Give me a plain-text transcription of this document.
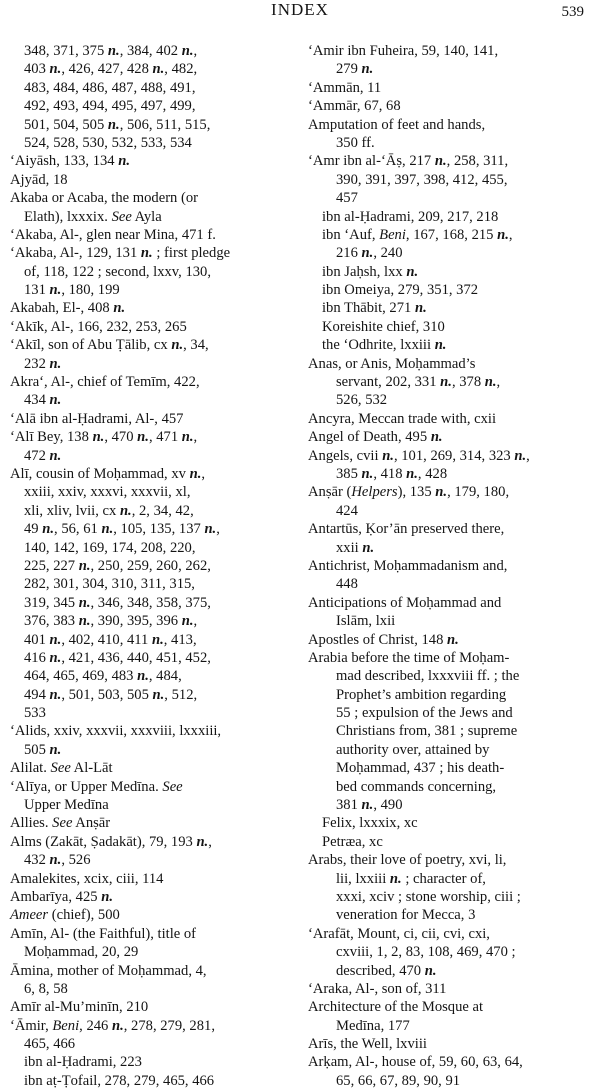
INDEX	539
348, 371, 375 n., 384, 402 n.,
403 n., 426, 427, 428 n., 482,
483, 484, 486, 487, 488, 491,
492, 493, 494, 495, 497, 499,
501, 504, 505 n., 506, 511, 515,
524, 528, 530, 532, 533, 534
‘Aiyāsh, 133, 134 n.
Ajyād, 18
Akaba or Acaba, the modern (or
Elath), lxxxix. See Ayla
‘Akaba, Al-, glen near Mina, 471 f.
‘Akaba, Al-, 129, 131 n. ; first pledge
of, 118, 122 ; second, lxxv, 130,
131 n., 180, 199
Akabah, El-, 408 n.
‘Akīk, Al-, 166, 232, 253, 265
‘Akīl, son of Abu Ṭālib, cx n., 34,
232 n.
Akra‘, Al-, chief of Temīm, 422,
434 n.
‘Alā ibn al-Ḥadrami, Al-, 457
‘Alī Bey, 138 n., 470 n., 471 n.,
472 n.
Alī, cousin of Moḥammad, xv n.,
xxiii, xxiv, xxxvi, xxxvii, xl,
xli, xliv, lvii, cx n., 2, 34, 42,
49 n., 56, 61 n., 105, 135, 137 n.,
140, 142, 169, 174, 208, 220,
225, 227 n., 250, 259, 260, 262,
282, 301, 304, 310, 311, 315,
319, 345 n., 346, 348, 358, 375,
376, 383 n., 390, 395, 396 n.,
401 n., 402, 410, 411 n., 413,
416 n., 421, 436, 440, 451, 452,
464, 465, 469, 483 n., 484,
494 n., 501, 503, 505 n., 512,
533
‘Alids, xxiv, xxxvii, xxxviii, lxxxiii,
505 n.
Alilat. See Al-Lāt
‘Alīya, or Upper Medīna. See
Upper Medīna
Allies. See Anṣār
Alms (Zakāt, Ṣadakāt), 79, 193 n.,
432 n., 526
Amalekites, xcix, ciii, 114
Ambarīya, 425 n.
Ameer (chief), 500
Amīn, Al- (the Faithful), title of
Moḥammad, 20, 29
Āmina, mother of Moḥammad, 4,
6, 8, 58
Amīr al-Mu’minīn, 210
‘Āmir, Beni, 246 n., 278, 279, 281,
465, 466
ibn al-Ḥadrami, 223
ibn aṭ-Ṭofail, 278, 279, 465, 466
‘Amir ibn Fuheira, 59, 140, 141,
279 n.
‘Ammān, 11
‘Ammār, 67, 68
Amputation of feet and hands,
350 ff.
‘Amr ibn al-‘Āṣ, 217 n., 258, 311,
390, 391, 397, 398, 412, 455,
457
ibn al-Ḥadrami, 209, 217, 218
ibn ‘Auf, Beni, 167, 168, 215 n.,
216 n., 240
ibn Jaḥsh, lxx n.
ibn Omeiya, 279, 351, 372
ibn Thābit, 271 n.
Koreishite chief, 310
the ‘Odhrite, lxxiii n.
Anas, or Anis, Moḥammad’s
servant, 202, 331 n., 378 n.,
526, 532
Ancyra, Meccan trade with, cxii
Angel of Death, 495 n.
Angels, cvii n., 101, 269, 314, 323 n.,
385 n., 418 n., 428
Anṣār (Helpers), 135 n., 179, 180,
424
Antartūs, Ḳor’ān preserved there,
xxii n.
Antichrist, Moḥammadanism and,
448
Anticipations of Moḥammad and
Islām, lxii
Apostles of Christ, 148 n.
Arabia before the time of Moḥam-
mad described, lxxxviii ff. ; the
Prophet’s ambition regarding
55 ; expulsion of the Jews and
Christians from, 381 ; supreme
authority over, attained by
Moḥammad, 437 ; his death-
bed commands concerning,
381 n., 490
Felix, lxxxix, xc
Petræa, xc
Arabs, their love of poetry, xvi, li,
lii, lxxiii n. ; character of,
xxxi, xciv ; stone worship, ciii ;
veneration for Mecca, 3
‘Arafāt, Mount, ci, cii, cvi, cxi,
cxviii, 1, 2, 83, 108, 469, 470 ;
described, 470 n.
‘Araka, Al-, son of, 311
Architecture of the Mosque at
Medīna, 177
Arīs, the Well, lxviii
Arḳam, Al-, house of, 59, 60, 63, 64,
65, 66, 67, 89, 90, 91
